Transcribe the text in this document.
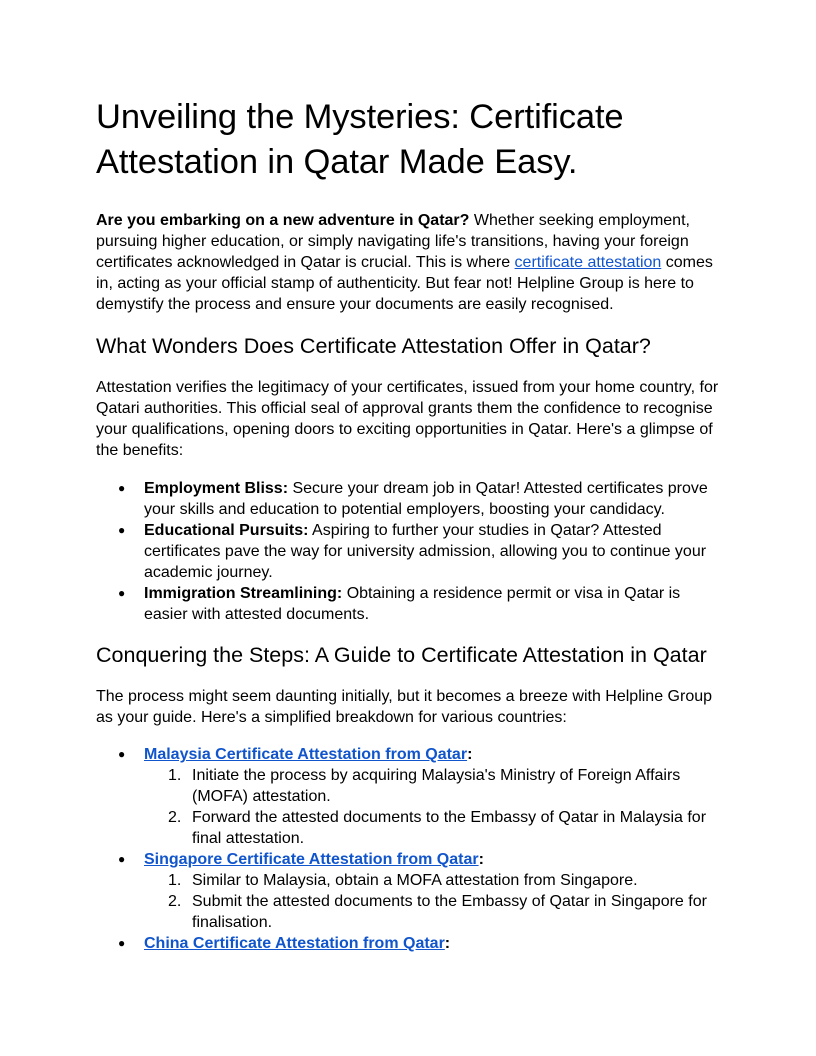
Unveiling the Mysteries: Certificate Attestation in Qatar Made Easy.

Are you embarking on a new adventure in Qatar? Whether seeking employment, pursuing higher education, or simply navigating life's transitions, having your foreign certificates acknowledged in Qatar is crucial. This is where certificate attestation comes in, acting as your official stamp of authenticity. But fear not! Helpline Group is here to demystify the process and ensure your documents are easily recognised.

What Wonders Does Certificate Attestation Offer in Qatar?

Attestation verifies the legitimacy of your certificates, issued from your home country, for Qatari authorities. This official seal of approval grants them the confidence to recognise your qualifications, opening doors to exciting opportunities in Qatar. Here's a glimpse of the benefits:

● Employment Bliss: Secure your dream job in Qatar! Attested certificates prove your skills and education to potential employers, boosting your candidacy.
● Educational Pursuits: Aspiring to further your studies in Qatar? Attested certificates pave the way for university admission, allowing you to continue your academic journey.
● Immigration Streamlining: Obtaining a residence permit or visa in Qatar is easier with attested documents.
Conquering the Steps: A Guide to Certificate Attestation in Qatar

The process might seem daunting initially, but it becomes a breeze with Helpline Group as your guide. Here's a simplified breakdown for various countries:

● Malaysia Certificate Attestation from Qatar:
1. Initiate the process by acquiring Malaysia's Ministry of Foreign Affairs (MOFA) attestation.
2. Forward the attested documents to the Embassy of Qatar in Malaysia for final attestation.
● Singapore Certificate Attestation from Qatar:
1. Similar to Malaysia, obtain a MOFA attestation from Singapore.
2. Submit the attested documents to the Embassy of Qatar in Singapore for finalisation.
● China Certificate Attestation from Qatar:
